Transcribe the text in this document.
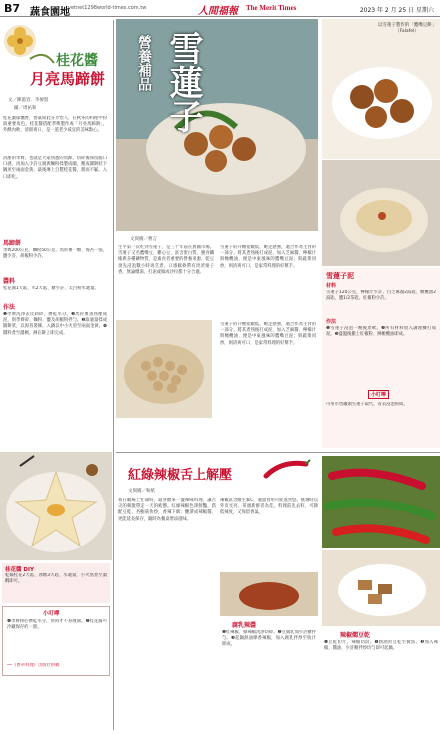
B7 蔬食園地
vetnet1298world-times.com.tw	人間福報 The Merit Times	2023 年 2 月 25 日 星期六
桂花醬
月亮馬蹄餅
文／陳滋容．李俊賢
攝／周祐和
桂花濃郁飄香，香氣如此芬芳怡人，在秋冬的料理中扮演重要角色。桂花醬搭配荸薺製作成「月亮馬蹄餅」，外酥內軟、清甜爽口，是一道老少咸宜的美味點心。
清甜的荸薺，也就是大家熟悉的馬蹄，切碎後保留脆口口感，再加入少許豆腐與麵粉揉製成團，壓成圓餅狀下鍋煎至兩面金黃，最後淋上自製桂花醬，甜而不膩，入口即化。
馬蹄餅
荸薺200公克、麵粉50公克、馬鈴薯一顆、海苔一張、鹽少許、胡椒粉少許。
醬料
桂花醬1大匙、水2大匙、糖少許、太白粉水適量。
作法
❶荸薺洗淨去皮剁碎，擠乾水分。❷馬鈴薯蒸熟壓成泥，與荸薺碎、麵粉、鹽及胡椒粉拌勻。❸取適量揉成圓餅狀，以海苔裝飾，入鍋以中小火煎至兩面金黃。❹醬料煮至濃稠，淋在餅上即完成。
桂花醬 DIY
乾燥桂花2大匙、冰糖3大匙、水適量，小火熬煮至濃稠即可。
小叮嚀
❶荸薺務必擠乾水分，煎時才不易散開。❷桂花醬可冷藏保存約一週。
──《香草料理》出版社供稿
營養補品 雪蓮子
文與圖／曹言
生平第一次吃到雪蓮子，是三十年前在異國市場。雪蓮子又名鷹嘴豆、雞心豆，富含蛋白質、膳食纖維與多種礦物質，是素食者重要的營養來源。乾豆須先浸泡數小時再烹煮，口感鬆軟帶有淡淡栗子香，無論燉湯、打泥或做成沙拉都十分合適。
雪蓮子的升糖指數低，飽足感強，適合作為主食的一部分。將其煮熟後打成泥，加入芝麻醬、檸檬汁與橄欖油，便是中東風味的鷹嘴豆泥；與蔬菜同炒，則清爽可口，是家常料理的好幫手。
雪蓮子的升糖指數低，飽足感強，適合作為主食的一部分。將其煮熟後打成泥，加入芝麻醬、檸檬汁與橄欖油，便是中東風味的鷹嘴豆泥；與蔬菜同炒，則清爽可口，是家常料理的好幫手。
以雪蓮子製作的「鷹嘴豆餅」（Falafel）
雪蓮子泥
材料
雪蓮子120公克、檸檬汁少許、白芝麻醬2湯匙、橄欖油2湯匙、鹽1/2茶匙、紅椒粉少許。
作法
❶雪蓮子浸泡一晚後煮軟。❷所有材料放入調理機打成泥。❸盛盤後撒上紅椒粉、淋橄欖油即成。
小叮嚀
可用市售罐頭雪蓮子取代，省去浸泡時間。
紅綠辣椒舌上解壓
文與圖／和紙
我在職場上忙碌時，最喜歡來一盤辣味料理，讓舌尖的刺激帶走一天的疲憊。紅綠辣椒色澤鮮豔，搭配豆乾、杏鮑菇快炒，香辣下飯；醃漬成辣椒醬，更能延長保存，隨時為餐桌增添滋味。
辣椒富含維生素C，適量食用可促進食慾。挑選時以外皮光亮、蒂頭新鮮者為佳。料理前先去籽，可降低辣度，又保留香氣。
腐乳辣醬
❶紅辣椒、綠辣椒洗淨切碎。❷豆腐乳加少許糖拌勻。❸起鍋熱油爆香辣椒，加入腐乳拌炒至收汁即成。
辣椒燜豆乾
❶豆乾切片，辣椒切段。❷熱油煎豆乾至微焦。❸加入辣椒、醬油、少許糖拌炒均勻即可起鍋。
